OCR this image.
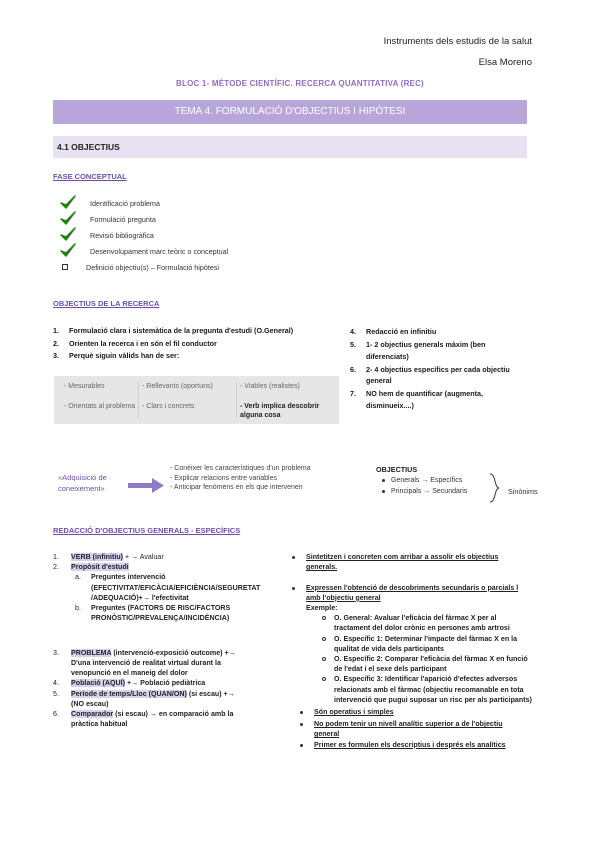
Instruments dels estudis de la salut
Elsa Moreno
BLOC 1- MÈTODE CIENTÍFIC. RECERCA QUANTITATIVA (REC)
TEMA 4. FORMULACIÓ D'OBJECTIUS I HIPÒTESI
4.1 OBJECTIUS
FASE CONCEPTUAL
Identificació problema
Formulació pregunta
Revisió bibliogràfica
Desenvolupament marc teòric o conceptual
Definició objectiu(s) – Formulació hipòtesi
OBJECTIUS DE LA RECERCA
1. Formulació clara i sistemàtica de la pregunta d'estudi (O.General)
2. Orienten la recerca i en són el fil conductor
3. Perquè siguin vàlids han de ser:
4. Redacció en infinitiu
5. 1- 2 objectius generals màxim (ben
diferenciats)
6. 2- 4 objectius específics per cada objectiu
general
7. NO hem de quantificar (augmenta,
disminueix....)
- Mesurables	- Rellevants (oportuns)	- Viables (realistes)
- Orientats al problema - Clars i concrets	- Verb implica descobrir alguna cosa
«Adquisició de coneixement»
- Conèixer les característiques d'un problema
- Explicar relacions entre variables
- Anticipar fenòmens en els que intervenen
OBJECTIUS
Generals → Específics
Principals → Secundaris	Sinònims
REDACCIÓ D'OBJECTIUS GENERALS - ESPECÍFICS
1. VERB (infinitiu) + → Avaluar
2. Propòsit d'estudi
a. Preguntes intervenció
(EFECTIVITAT/EFICÀCIA/EFICIÈNCIA/SEGURETAT
/ADEQUACIÓ)+→ l'efectivitat
b. Preguntes (FACTORS DE RISC/FACTORS
PRONÒSTIC/PREVALENÇA/INCIDÈNCIA)
3. PROBLEMA (intervenció-exposició outcome) +→
D'una intervenció de realitat virtual durant la
venopunció en el maneig del dolor
4. Població (AQUÍ) +→ Població pediàtrica
5. Període de temps/Lloc (QUAN/ON) (si escau) +→
(NO escau)
6. Comparador (si escau) → en comparació amb la
pràctica habitual
Sintetitzen i concreten com arribar a assolir els objectius
generals.
Expressen l'obtenció de descobriments secundaris o parcials l
amb l'objectiu general
Exemple:
O. General: Avaluar l'eficàcia del fàrmac X per al
tractament del dolor crònic en persones amb artrosi
O. Específic 1: Determinar l'impacte del fàrmac X en la
qualitat de vida dels participants
O. Específic 2: Comparar l'eficàcia del fàrmac X en funció
de l'edat i el sexe dels participant
O. Específic 3: Identificar l'aparició d'efectes adversos
relacionats amb el fàrmac (objectiu recomanable en tota
intervenció que pugui suposar un risc per als participants)
Són operatius i simples
No podem tenir un nivell analític superior a de l'objectiu
general
Primer es formulen els descriptius i després els analítics
